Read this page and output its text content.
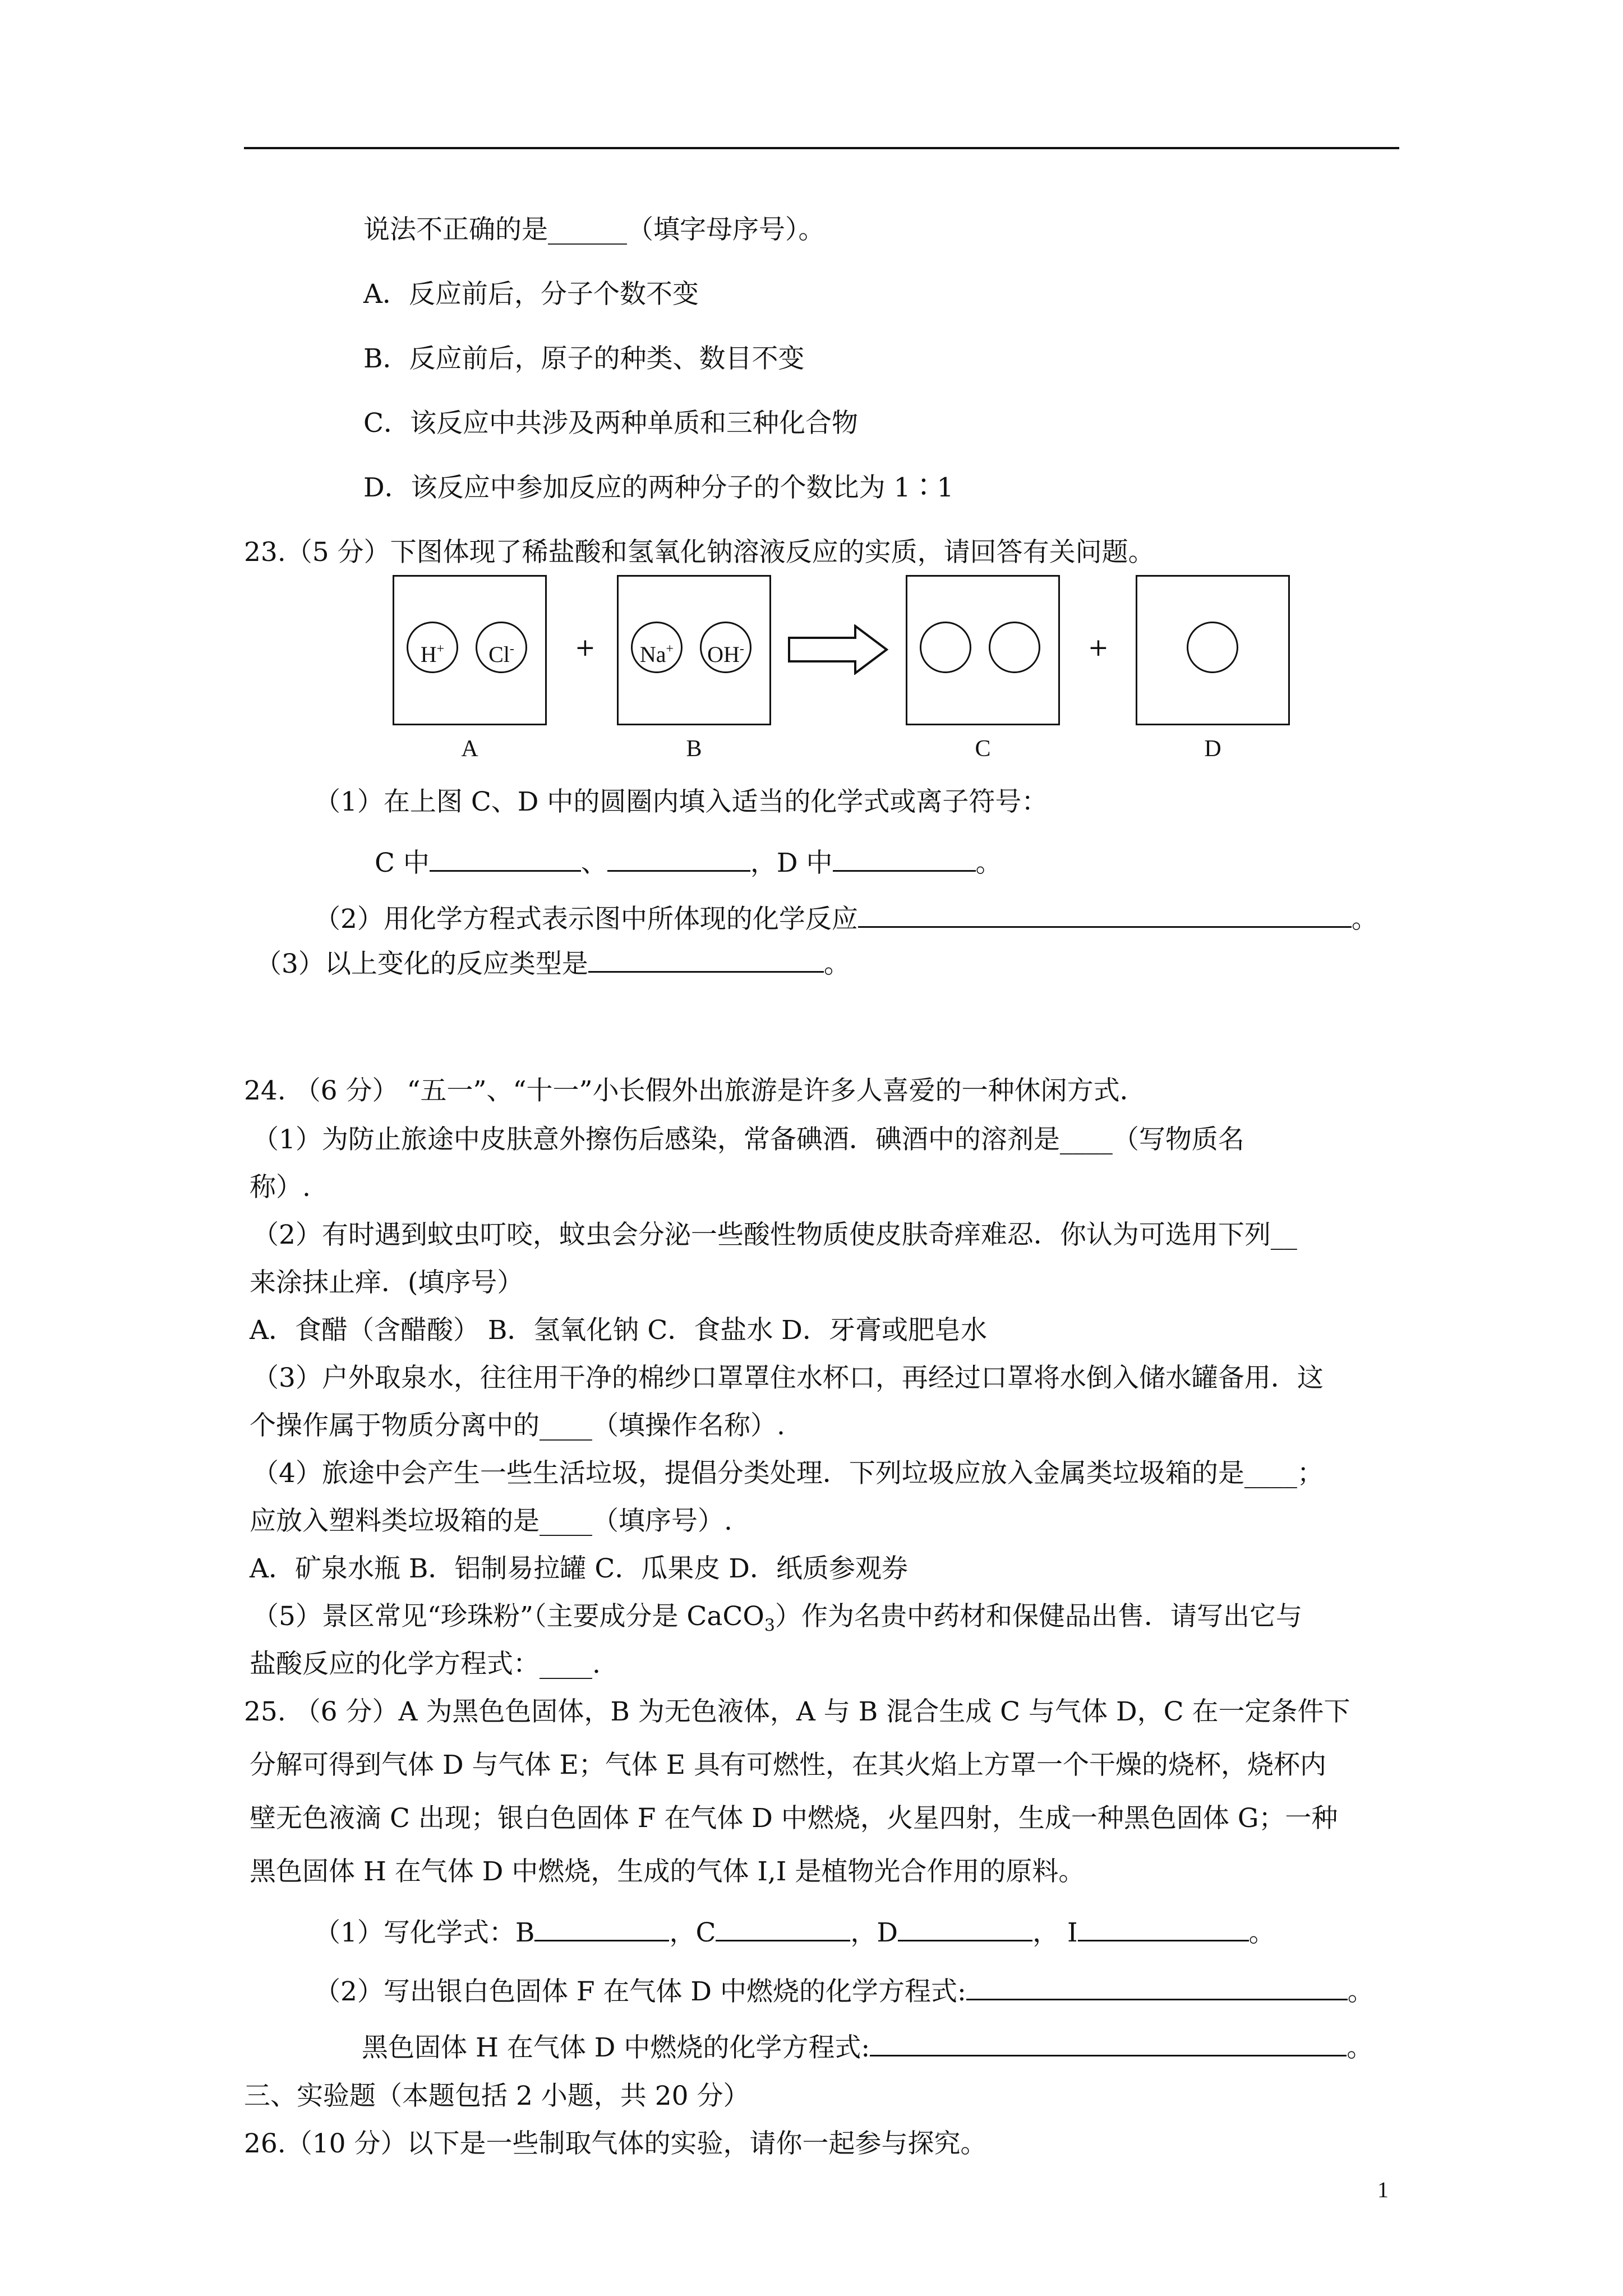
说法不正确的是______（填字母序号）。
A．反应前后，分子个数不变
B．反应前后，原子的种类、数目不变
C．该反应中共涉及两种单质和三种化合物
D．该反应中参加反应的两种分子的个数比为 1∶1
23.（5 分）下图体现了稀盐酸和氢氧化钠溶液反应的实质，请回答有关问题。
H+	Cl-	+	Na+	OH-	+
A	B	C	D
（1）在上图 C、D 中的圆圈内填入适当的化学式或离子符号：
C 中	、	，D 中	。
（2）用化学方程式表示图中所体现的化学反应	。
（3）以上变化的反应类型是	。
24. （6 分） “五一”、“十一”小长假外出旅游是许多人喜爱的一种休闲方式．
（1）为防止旅途中皮肤意外擦伤后感染，常备碘酒．碘酒中的溶剂是____（写物质名
称）.
（2）有时遇到蚊虫叮咬，蚊虫会分泌一些酸性物质使皮肤奇痒难忍．你认为可选用下列__
来涂抹止痒．(填序号）
A．食醋（含醋酸） B．氢氧化钠 C．食盐水 D．牙膏或肥皂水
（3）户外取泉水，往往用干净的棉纱口罩罩住水杯口，再经过口罩将水倒入储水罐备用．这
个操作属于物质分离中的____（填操作名称）.
（4）旅途中会产生一些生活垃圾，提倡分类处理．下列垃圾应放入金属类垃圾箱的是____；
应放入塑料类垃圾箱的是____（填序号）.
A．矿泉水瓶 B．铝制易拉罐 C．瓜果皮 D．纸质参观券
（5）景区常见“珍珠粉”（主要成分是 CaCO$_3$）作为名贵中药材和保健品出售．请写出它与
盐酸反应的化学方程式：____.
25. （6 分）A 为黑色色固体，B 为无色液体，A 与 B 混合生成 C 与气体 D，C 在一定条件下
分解可得到气体 D 与气体 E；气体 E 具有可燃性，在其火焰上方罩一个干燥的烧杯，烧杯内
壁无色液滴 C 出现；银白色固体 F 在气体 D 中燃烧，火星四射，生成一种黑色固体 G；一种
黑色固体 H 在气体 D 中燃烧，生成的气体 I,I 是植物光合作用的原料。
（1）写化学式：B	，C	，D	， I	。
（2）写出银白色固体 F 在气体 D 中燃烧的化学方程式:	。
黑色固体 H 在气体 D 中燃烧的化学方程式:	。
三、实验题（本题包括 2 小题，共 20 分）
26.（10 分）以下是一些制取气体的实验，请你一起参与探究。
1
